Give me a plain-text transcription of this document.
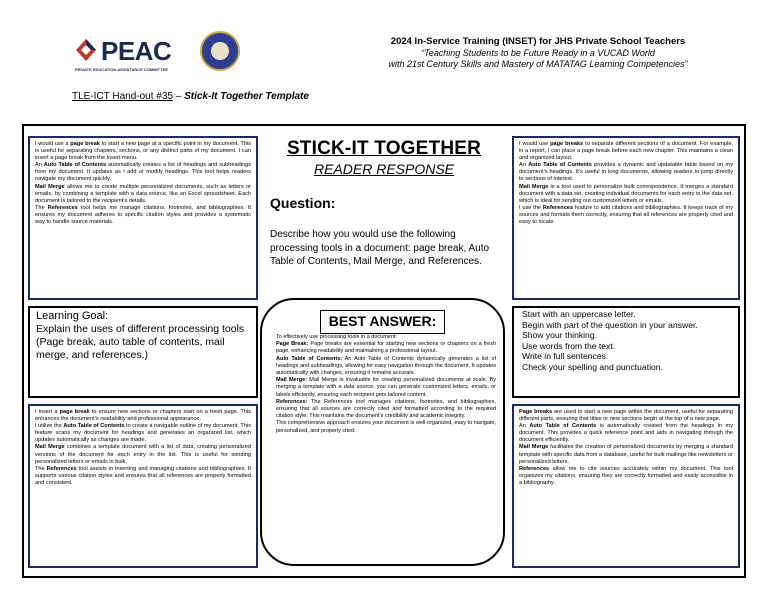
PEAC
PRIVATE EDUCATION ASSISTANCE COMMITTEE
2024 In-Service Training (INSET) for JHS Private School Teachers
“Teaching Students to be Future Ready in a VUCAD World
with 21st Century Skills and Mastery of MATATAG Learning Competencies”
TLE-ICT Hand-out #35 – Stick-It Together Template

I would use a page break to start a new page at a specific point in my document. This is useful for separating chapters, sections, or any distinct parts of my document. I can insert a page break from the Insert menu.

An Auto Table of Contents automatically creates a list of headings and subheadings from my document. It updates as I add or modify headings. This tool helps readers navigate my document quickly.

Mail Merge allows me to create multiple personalized documents, such as letters or emails, by combining a template with a data source, like an Excel spreadsheet. Each document is tailored to the recipient’s details.

The References tool helps me manage citations, footnotes, and bibliographies. It ensures my document adheres to specific citation styles and provides a systematic way to handle source materials.

I would use page breaks to separate different sections of a document. For example, in a report, I can place a page break before each new chapter. This maintains a clean and organized layout.

An Auto Table of Contents provides a dynamic and updatable table based on my document’s headings. It’s useful in long documents, allowing readers to jump directly to sections of interest.

Mail Merge is a tool used to personalize bulk correspondence. It merges a standard document with a data set, creating individual documents for each entry in the data set, which is ideal for sending out customized letters or emails.

I use the References feature to add citations and bibliographies. It keeps track of my sources and formats them correctly, ensuring that all references are properly cited and easy to locate.

I insert a page break to ensure new sections or chapters start on a fresh page. This enhances the document’s readability and professional appearance.

I utilize the Auto Table of Contents to create a navigable outline of my document. This feature scans my document for headings and generates an organized list, which updates automatically as changes are made.

Mail Merge combines a template document with a list of data, creating personalized versions of the document for each entry in the list. This is useful for sending personalized letters or emails in bulk.

The References tool assists in inserting and managing citations and bibliographies. It supports various citation styles and ensures that all references are properly formatted and consistent.

Page breaks are used to start a new page within the document, useful for separating different parts, ensuring that titles or new sections begin at the top of a new page.

An Auto Table of Contents is automatically created from the headings in my document. This provides a quick reference point and aids in navigating through the document efficiently.

Mail Merge facilitates the creation of personalized documents by merging a standard template with specific data from a database, useful for bulk mailings like newsletters or personalized letters.

References allow me to cite sources accurately within my document. This tool organizes my citations, ensuring they are correctly formatted and easily accessible in a bibliography.

STICK-IT TOGETHER
READER RESPONSE
Question:
Describe how you would use the following processing tools in a document: page break, Auto Table of Contents, Mail Merge, and References.
Learning Goal:
Explain the uses of different processing tools (Page break, auto table of contents, mail merge, and references.)
Start with an uppercase letter.
Begin with part of the question in your answer.
Show your thinking.
Use words from the text.
Write in full sentences.
Check your spelling and punctuation.

To effectively use processing tools in a document:

Page Break: Page breaks are essential for starting new sections or chapters on a fresh page, enhancing readability and maintaining a professional layout.

Auto Table of Contents: An Auto Table of Contents dynamically generates a list of headings and subheadings, allowing for easy navigation through the document. It updates automatically with changes, ensuring it remains accurate.

Mail Merge: Mail Merge is invaluable for creating personalized documents at scale. By merging a template with a data source, you can generate customized letters, emails, or labels efficiently, ensuring each recipient gets tailored content.

References: The References tool manages citations, footnotes, and bibliographies, ensuring that all sources are correctly cited and formatted according to the required citation style. This maintains the document’s credibility and academic integrity.

This comprehensive approach ensures your document is well-organized, easy to navigate, personalized, and properly cited.

BEST ANSWER:
